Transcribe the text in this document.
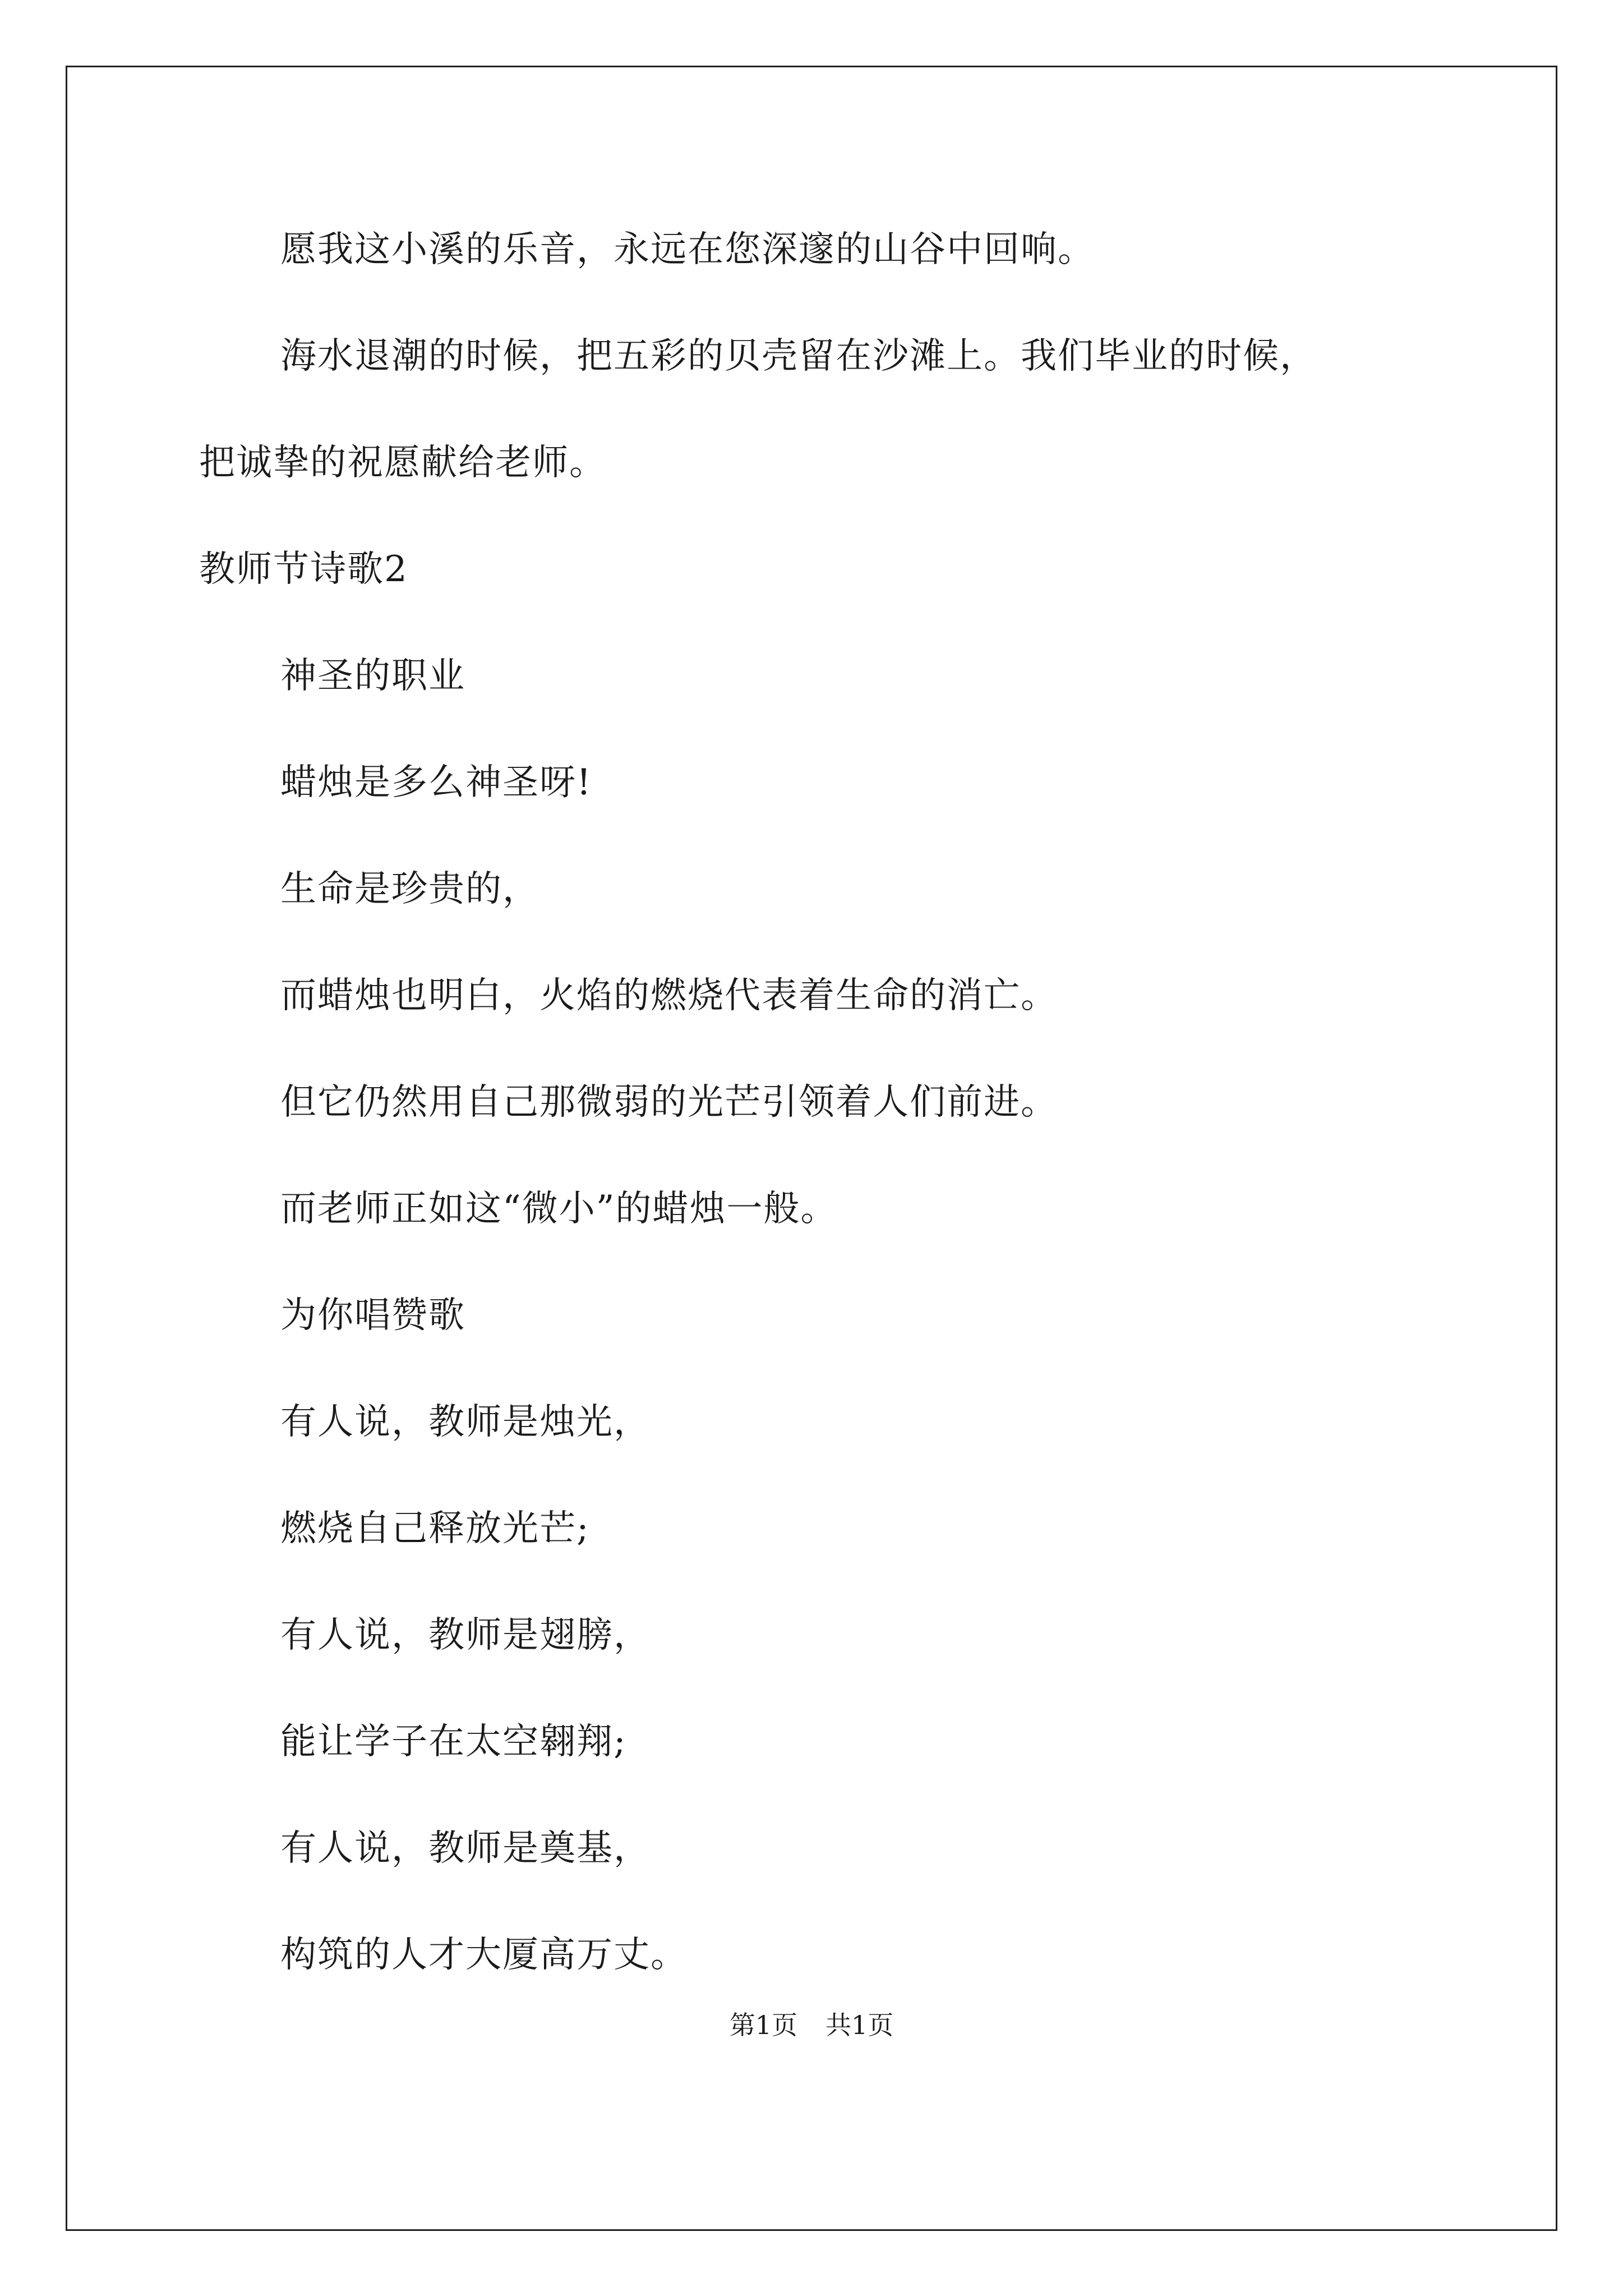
愿我这小溪的乐音，永远在您深邃的山谷中回响。
海水退潮的时候，把五彩的贝壳留在沙滩上。我们毕业的时候，
把诚挚的祝愿献给老师。
教师节诗歌2
神圣的职业
蜡烛是多么神圣呀!
生命是珍贵的，
而蜡烛也明白，火焰的燃烧代表着生命的消亡。
但它仍然用自己那微弱的光芒引领着人们前进。
而老师正如这“微小”的蜡烛一般。
为你唱赞歌
有人说，教师是烛光，
燃烧自己释放光芒;
有人说，教师是翅膀，
能让学子在太空翱翔;
有人说，教师是奠基，
构筑的人才大厦高万丈。
第1页 共1页
